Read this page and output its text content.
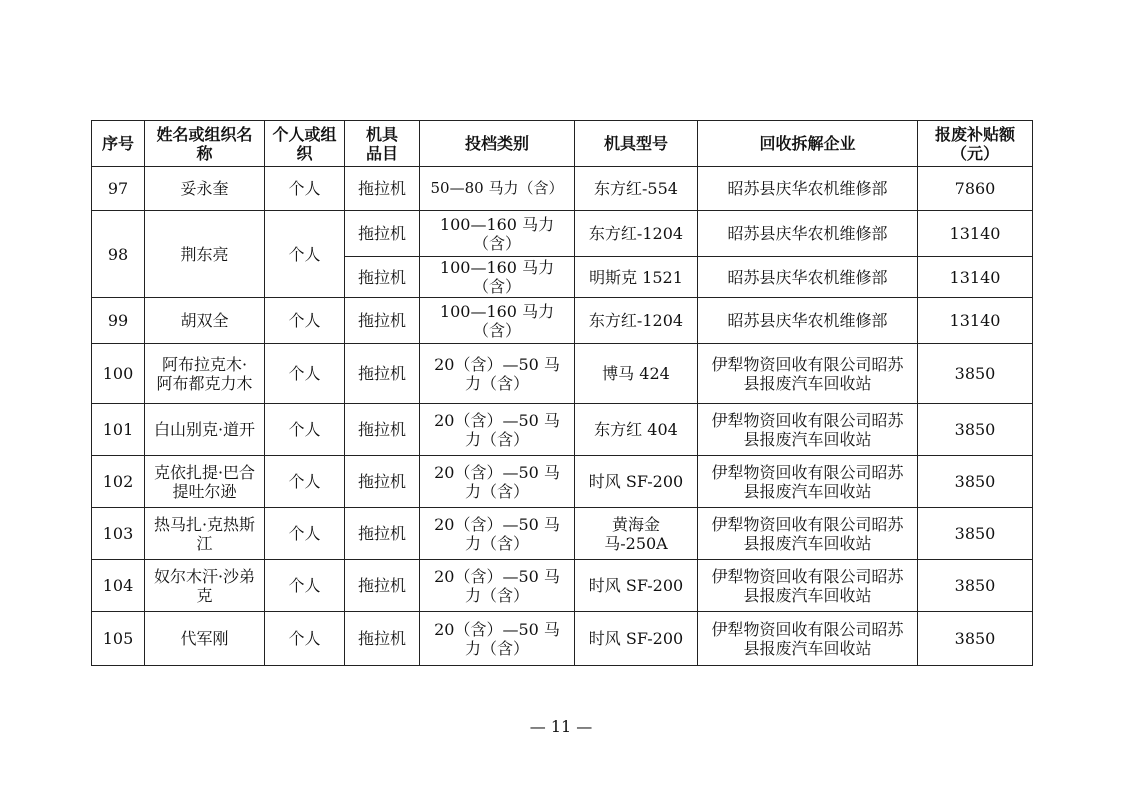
序号	姓名或组织名称	个人或组织	机具品目	投档类别	机具型号	回收拆解企业	报废补贴额（元）

97	妥永奎	个人	拖拉机	50—80 马力（含）	东方红-554	昭苏县庆华农机维修部	7860
98	荆东亮	个人	拖拉机	100—160 马力（含）	东方红-1204	昭苏县庆华农机维修部	13140
			拖拉机	100—160 马力（含）	明斯克 1521	昭苏县庆华农机维修部	13140
99	胡双全	个人	拖拉机	100—160 马力（含）	东方红-1204	昭苏县庆华农机维修部	13140
100	阿布拉克木·阿布都克力木	个人	拖拉机	20（含）—50 马力（含）	博马 424	伊犁物资回收有限公司昭苏县报废汽车回收站	3850
101	白山别克·道开	个人	拖拉机	20（含）—50 马力（含）	东方红 404	伊犁物资回收有限公司昭苏县报废汽车回收站	3850
102	克依扎提·巴合提吐尔逊	个人	拖拉机	20（含）—50 马力（含）	时风 SF-200	伊犁物资回收有限公司昭苏县报废汽车回收站	3850
103	热马扎·克热斯江	个人	拖拉机	20（含）—50 马力（含）	黄海金马-250A	伊犁物资回收有限公司昭苏县报废汽车回收站	3850
104	奴尔木汗·沙弟克	个人	拖拉机	20（含）—50 马力（含）	时风 SF-200	伊犁物资回收有限公司昭苏县报废汽车回收站	3850
105	代军刚	个人	拖拉机	20（含）—50 马力（含）	时风 SF-200	伊犁物资回收有限公司昭苏县报废汽车回收站	3850
— 11 —
